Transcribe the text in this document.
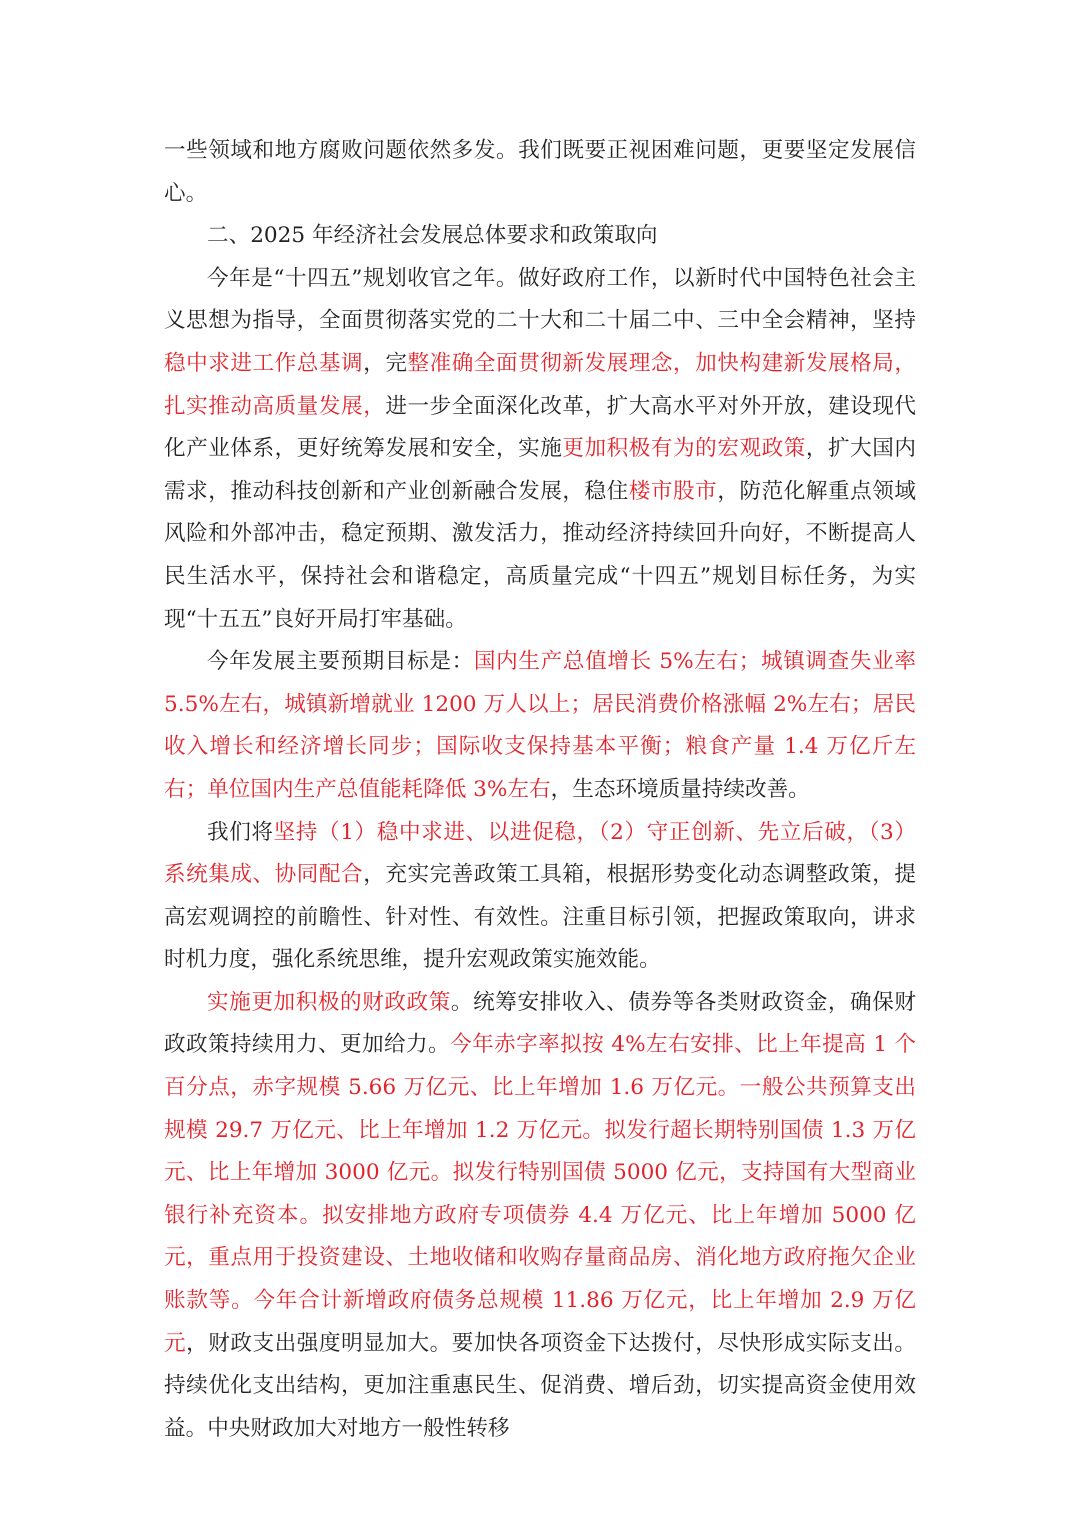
一些领域和地方腐败问题依然多发。我们既要正视困难问题，更要坚定发展信心。

二、2025 年经济社会发展总体要求和政策取向

今年是“十四五”规划收官之年。做好政府工作，以新时代中国特色社会主义思想为指导，全面贯彻落实党的二十大和二十届二中、三中全会精神，坚持稳中求进工作总基调，完整准确全面贯彻新发展理念，加快构建新发展格局，扎实推动高质量发展，进一步全面深化改革，扩大高水平对外开放，建设现代化产业体系，更好统筹发展和安全，实施更加积极有为的宏观政策，扩大国内需求，推动科技创新和产业创新融合发展，稳住楼市股市，防范化解重点领域风险和外部冲击，稳定预期、激发活力，推动经济持续回升向好，不断提高人民生活水平，保持社会和谐稳定，高质量完成“十四五”规划目标任务，为实现“十五五”良好开局打牢基础。

今年发展主要预期目标是：国内生产总值增长 5%左右；城镇调查失业率 5.5%左右，城镇新增就业 1200 万人以上；居民消费价格涨幅 2%左右；居民收入增长和经济增长同步；国际收支保持基本平衡；粮食产量 1.4 万亿斤左右；单位国内生产总值能耗降低 3%左右，生态环境质量持续改善。

我们将坚持（1）稳中求进、以进促稳，（2）守正创新、先立后破，（3）系统集成、协同配合，充实完善政策工具箱，根据形势变化动态调整政策，提高宏观调控的前瞻性、针对性、有效性。注重目标引领，把握政策取向，讲求时机力度，强化系统思维，提升宏观政策实施效能。

实施更加积极的财政政策。统筹安排收入、债券等各类财政资金，确保财政政策持续用力、更加给力。今年赤字率拟按 4%左右安排、比上年提高 1 个百分点，赤字规模 5.66 万亿元、比上年增加 1.6 万亿元。一般公共预算支出规模 29.7 万亿元、比上年增加 1.2 万亿元。拟发行超长期特别国债 1.3 万亿元、比上年增加 3000 亿元。拟发行特别国债 5000 亿元，支持国有大型商业银行补充资本。拟安排地方政府专项债券 4.4 万亿元、比上年增加 5000 亿元，重点用于投资建设、土地收储和收购存量商品房、消化地方政府拖欠企业账款等。今年合计新增政府债务总规模 11.86 万亿元，比上年增加 2.9 万亿元，财政支出强度明显加大。要加快各项资金下达拨付，尽快形成实际支出。持续优化支出结构，更加注重惠民生、促消费、增后劲，切实提高资金使用效益。中央财政加大对地方一般性转移
